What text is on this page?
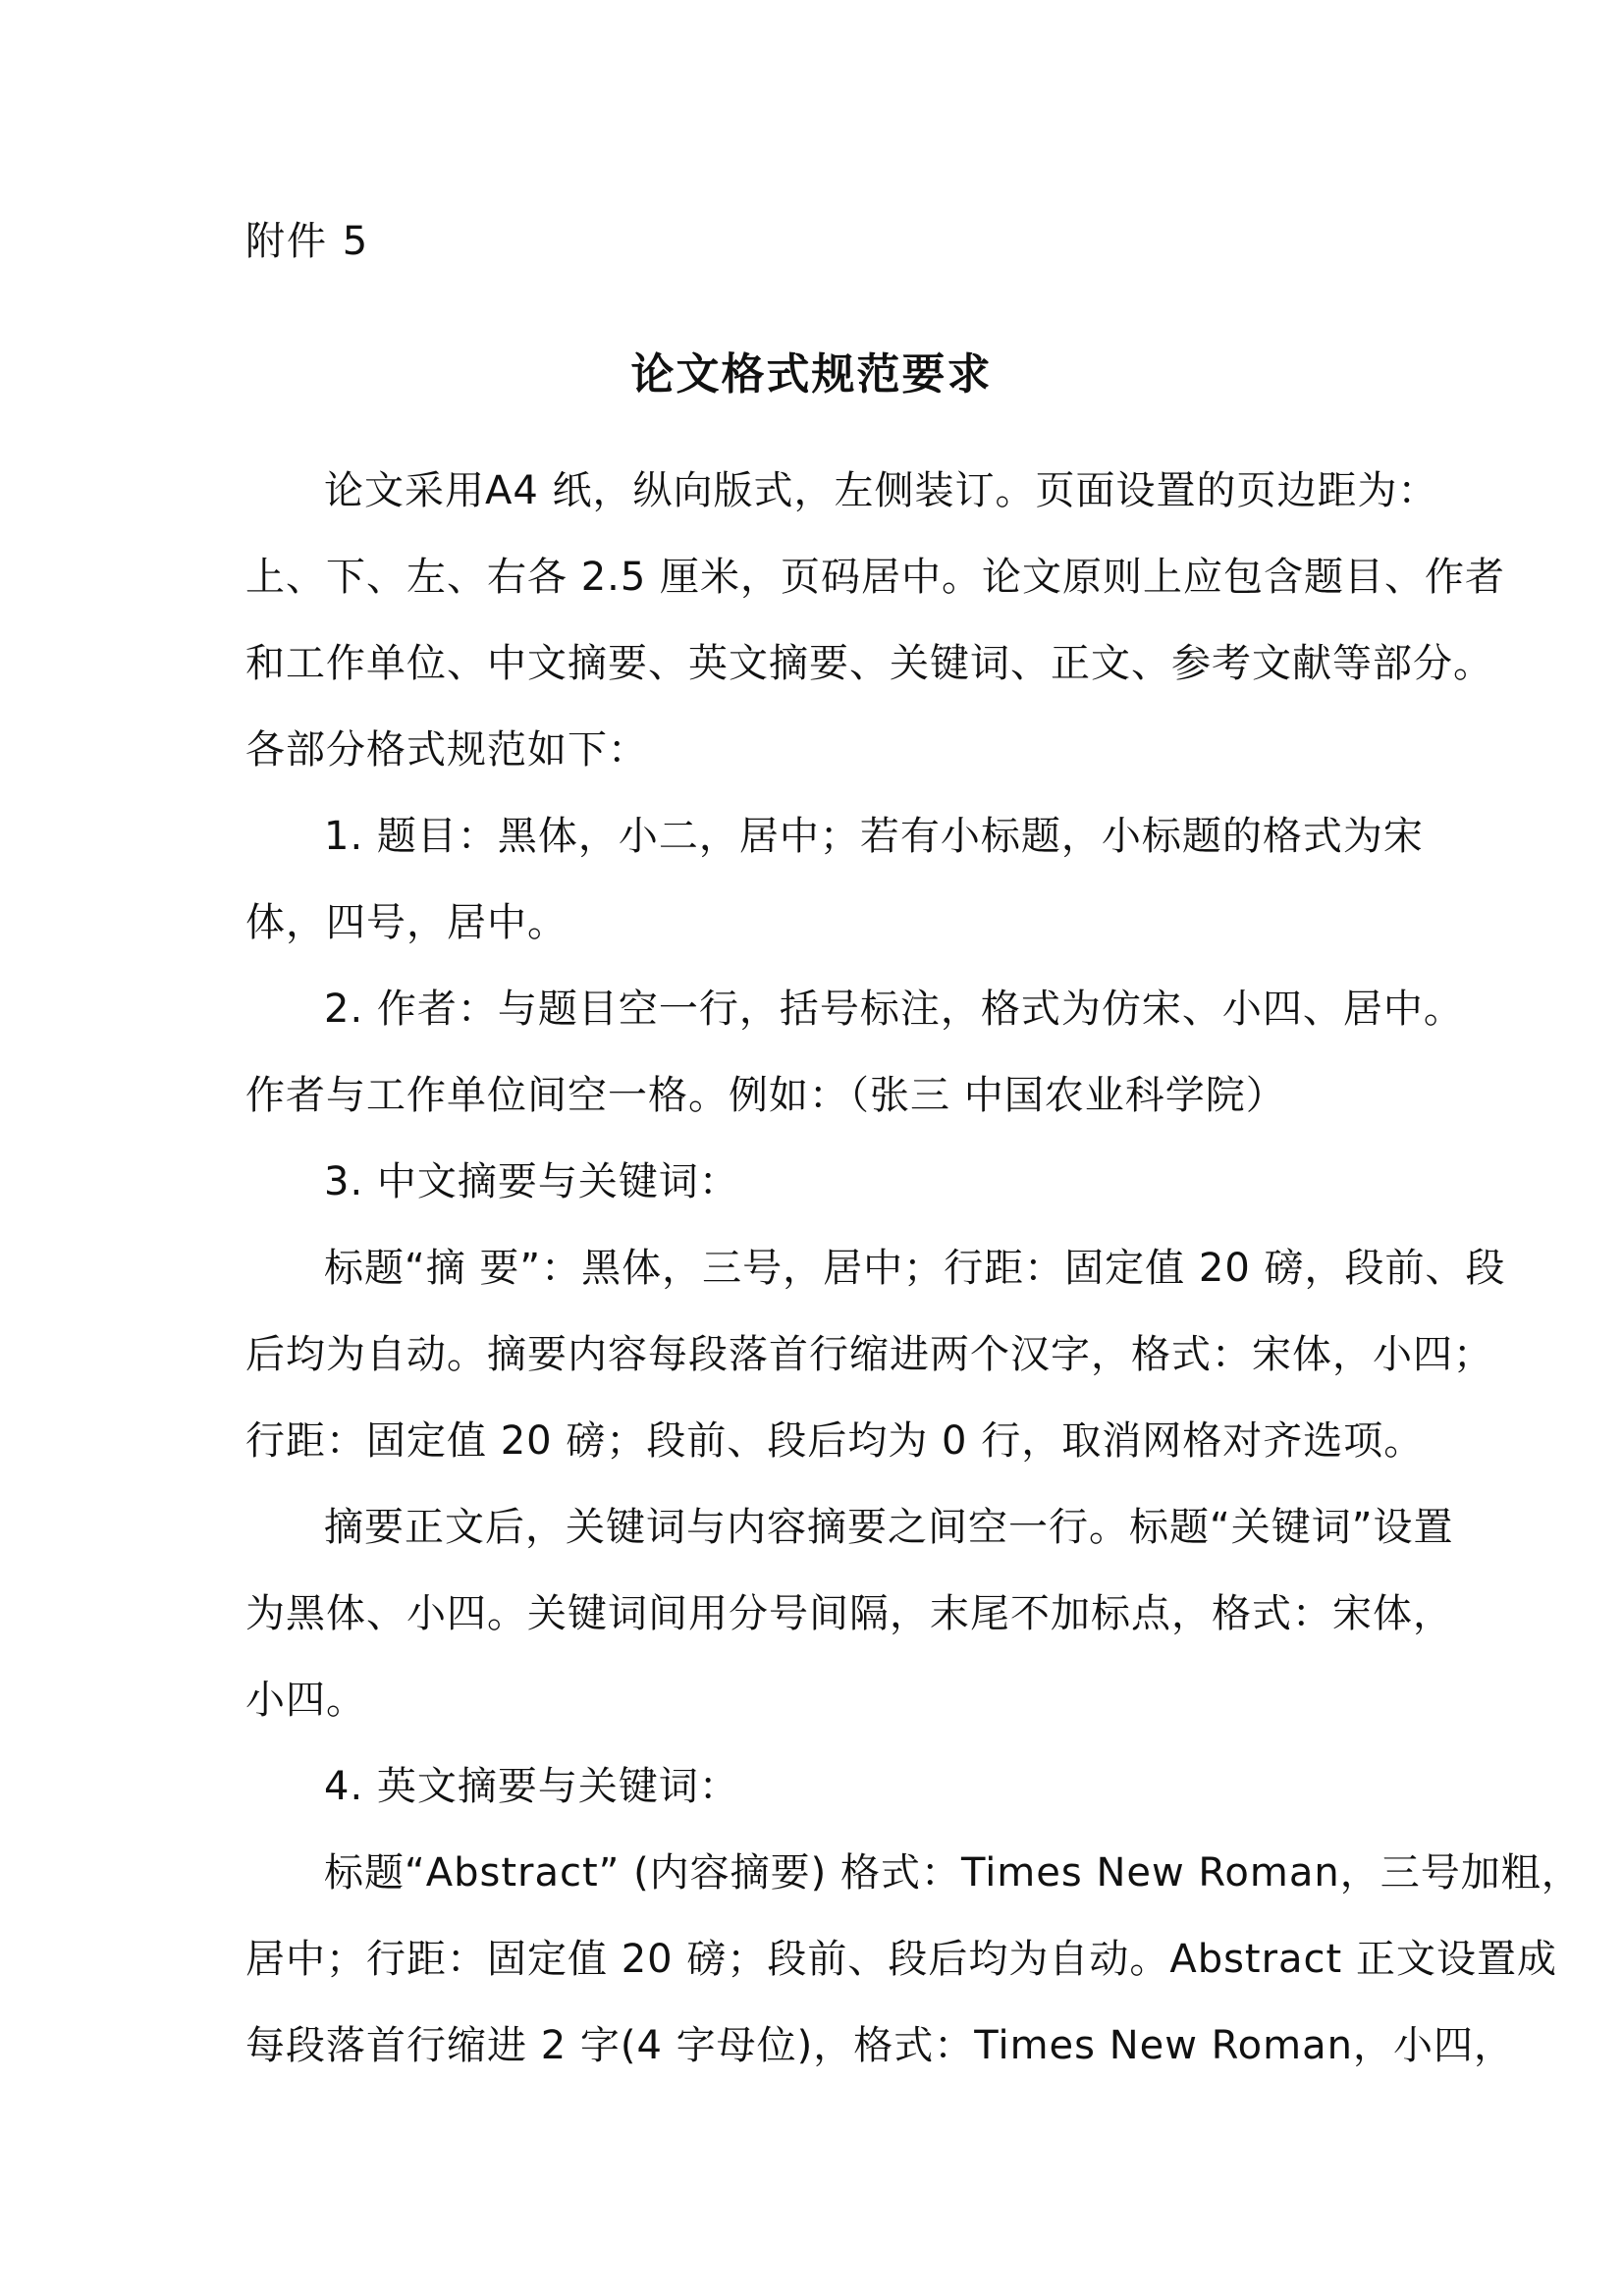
附件 5
论文格式规范要求
论文采用A4 纸，纵向版式，左侧装订。页面设置的页边距为：
上、下、左、右各 2.5 厘米，页码居中。论文原则上应包含题目、作者
和工作单位、中文摘要、英文摘要、关键词、正文、参考文献等部分。
各部分格式规范如下：
1. 题目：黑体，小二，居中；若有小标题，小标题的格式为宋
体，四号，居中。
2. 作者：与题目空一行，括号标注，格式为仿宋、小四、居中。
作者与工作单位间空一格。例如：（张三 中国农业科学院）
3. 中文摘要与关键词：
标题“摘 要”：黑体，三号，居中；行距：固定值 20 磅，段前、段
后均为自动。摘要内容每段落首行缩进两个汉字，格式：宋体，小四；
行距：固定值 20 磅；段前、段后均为 0 行，取消网格对齐选项。
摘要正文后，关键词与内容摘要之间空一行。标题“关键词”设置
为黑体、小四。关键词间用分号间隔，末尾不加标点，格式：宋体，
小四。
4. 英文摘要与关键词：
标题“Abstract” (内容摘要) 格式：Times New Roman，三号加粗，
居中；行距：固定值 20 磅；段前、段后均为自动。Abstract 正文设置成
每段落首行缩进 2 字(4 字母位)，格式：Times New Roman，小四，
